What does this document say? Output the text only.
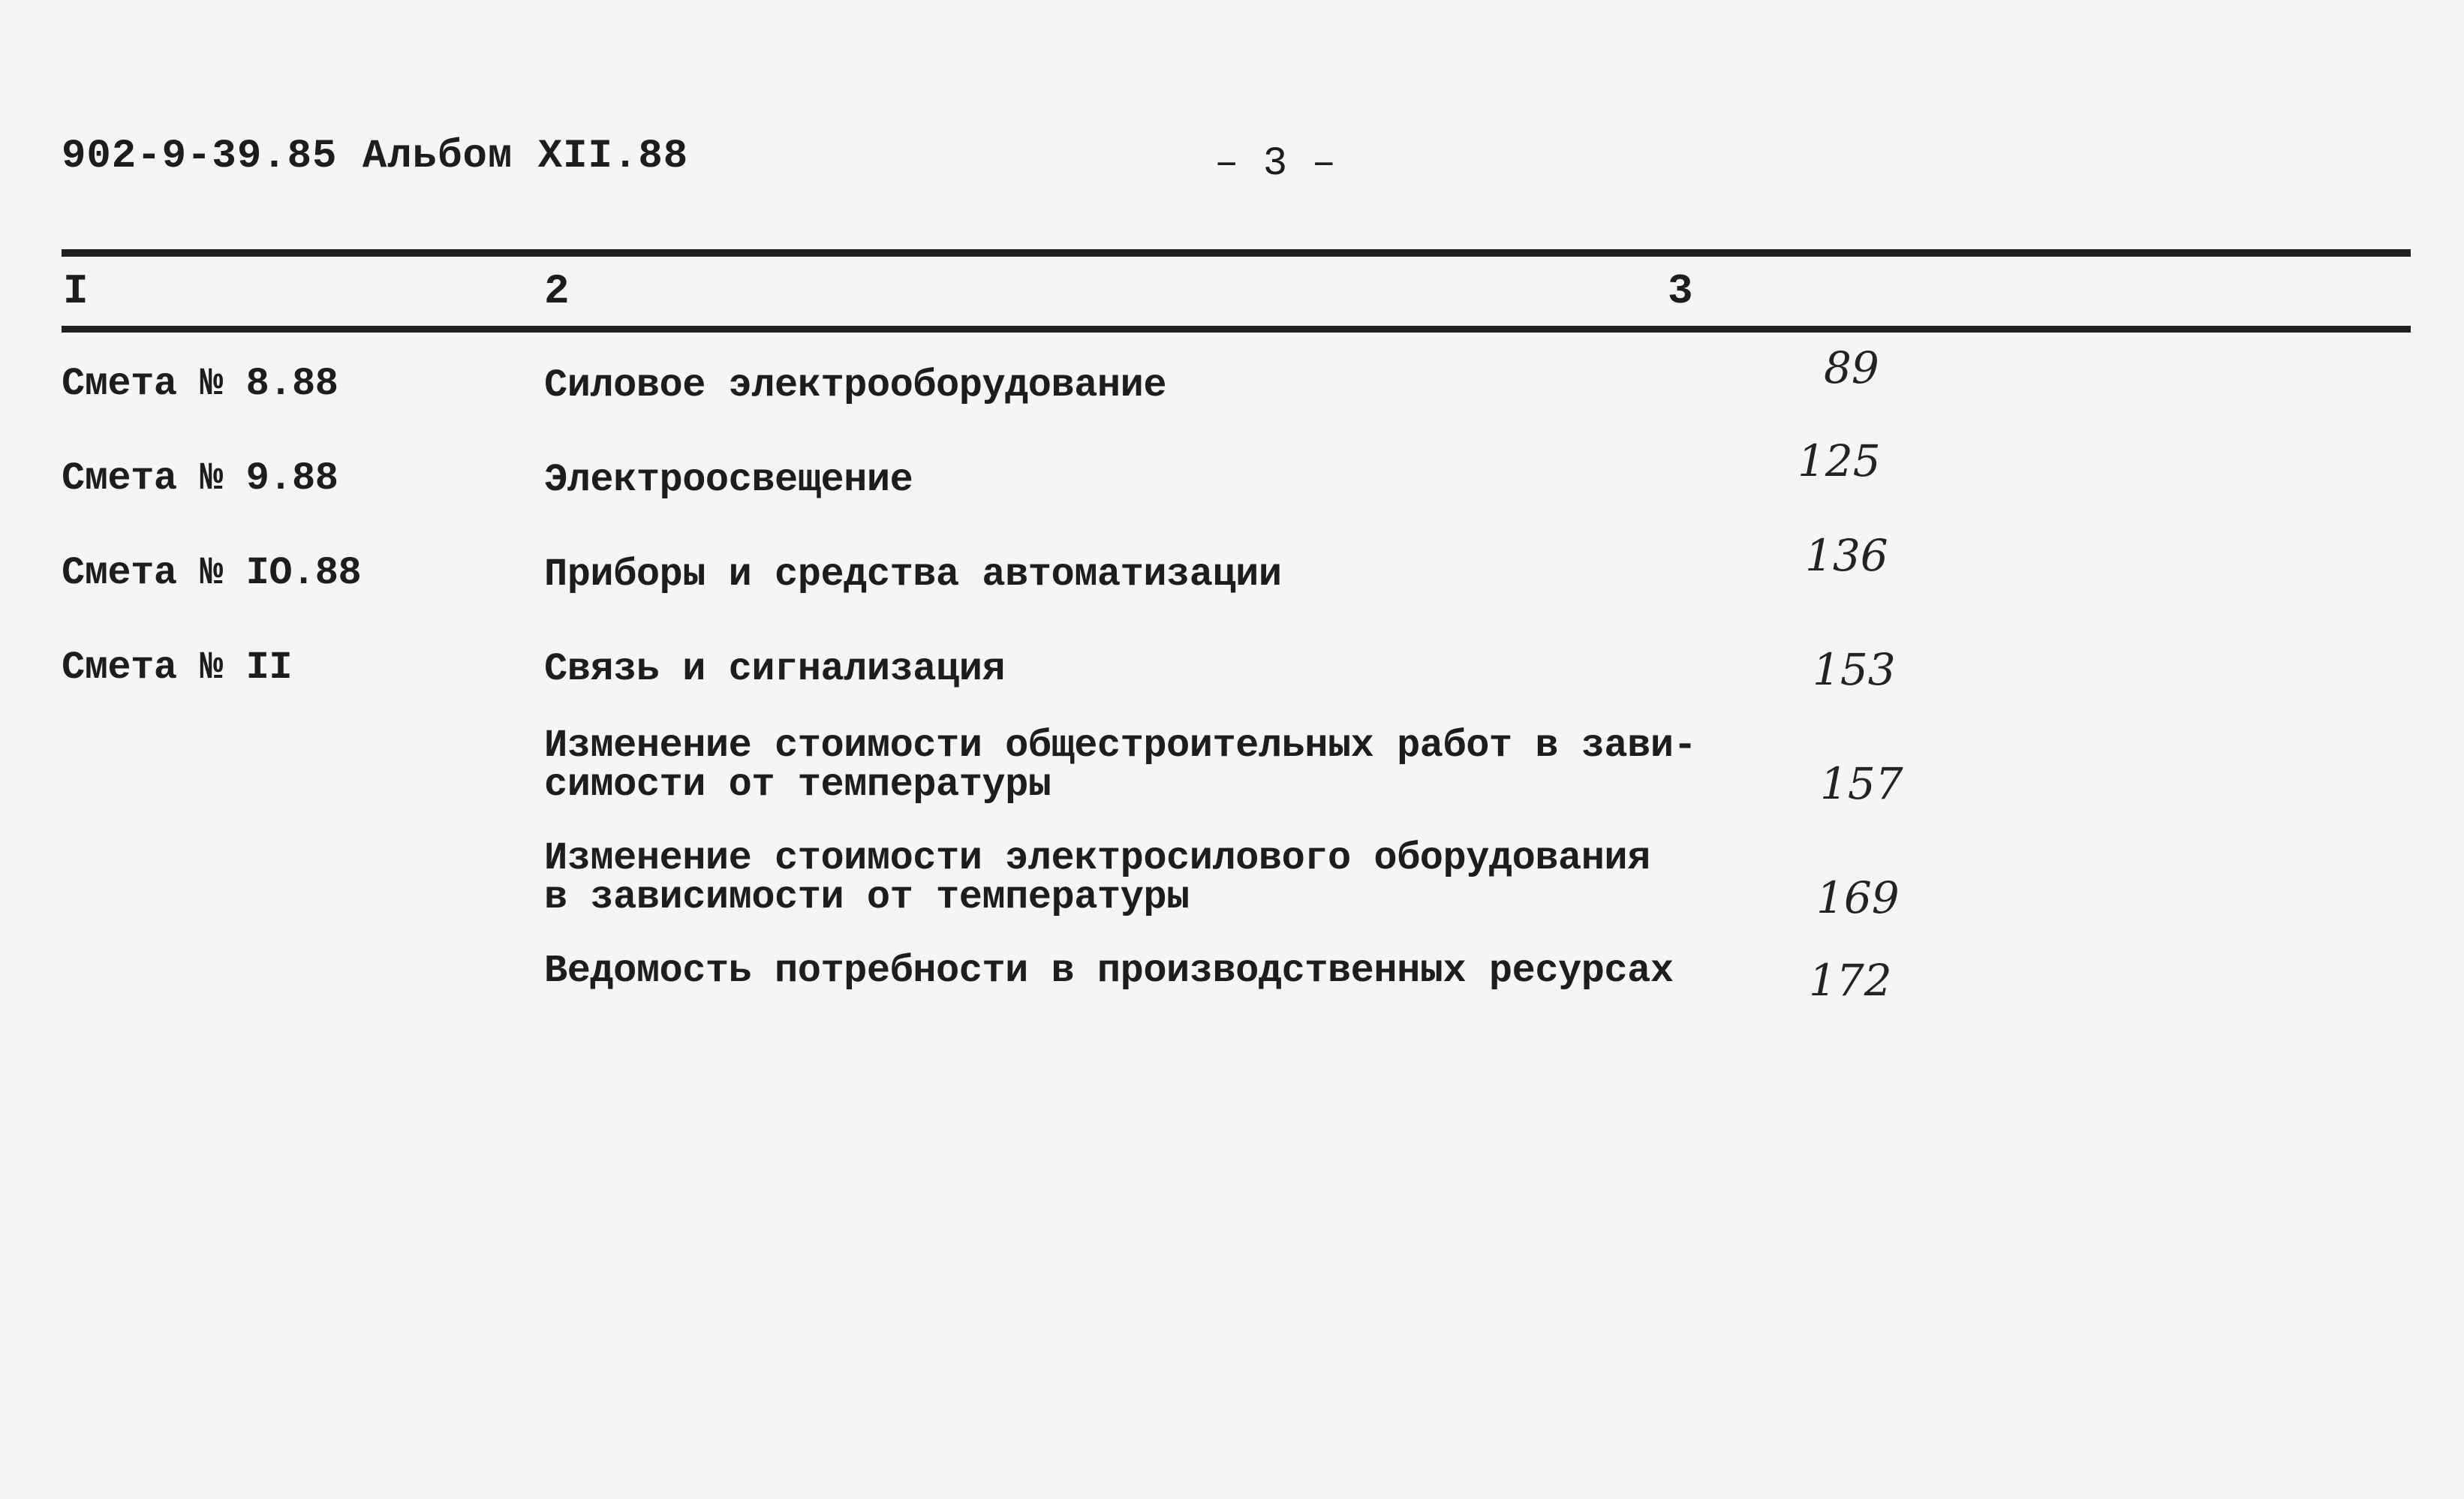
902-9-39.85 Альбом XII.88	– 3 –
I	2	3
Смета № 8.88	Силовое электрооборудование	89
Смета № 9.88	Электроосвещение	125
Смета № IO.88	Приборы и средства автоматизации	136
Смета № II	Связь и сигнализация	153
Изменение стоимости общестроительных работ в зави-
симости от температуры	157
Изменение стоимости электросилового оборудования
в зависимости от температуры	169
Ведомость потребности в производственных ресурсах	172
